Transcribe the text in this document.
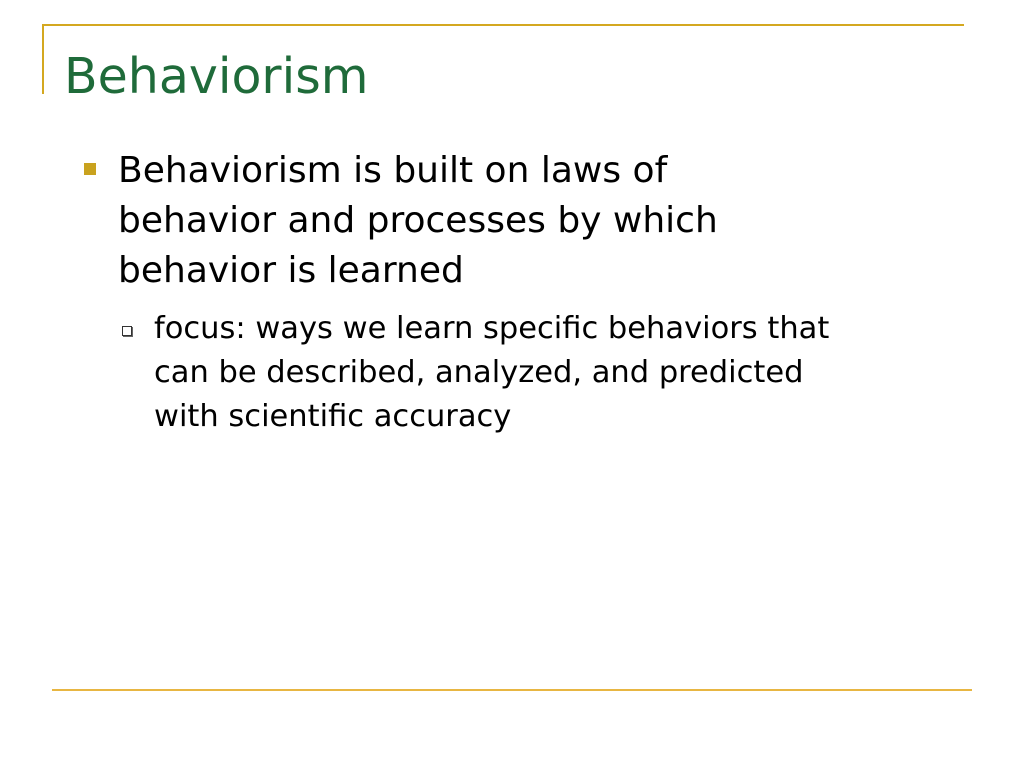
Behaviorism

Behaviorism is built on laws of behavior and processes by which behavior is learned

focus: ways we learn specific behaviors that can be described, analyzed, and predicted with scientific accuracy
